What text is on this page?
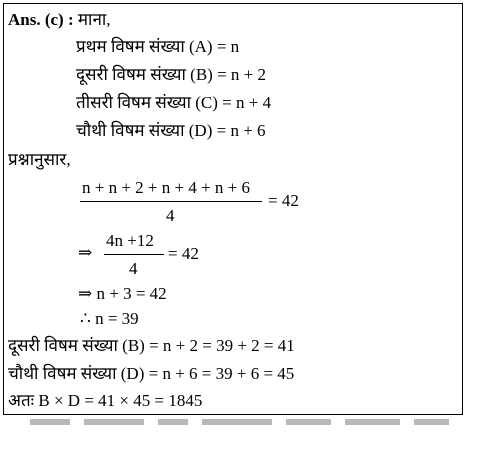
Ans. (c) : माना,
प्रथम विषम संख्या (A) = n
दूसरी विषम संख्या (B) = n + 2
तीसरी विषम संख्या (C) = n + 4
चौथी विषम संख्या (D) = n + 6
प्रश्नानुसार,
n + n + 2 + n + 4 + n + 6
4
= 42
⇒
4n +12
4
= 42
⇒ n + 3 = 42
∴ n = 39
दूसरी विषम संख्या (B) = n + 2 = 39 + 2 = 41
चौथी विषम संख्या (D) = n + 6 = 39 + 6 = 45
अतः B × D = 41 × 45 = 1845
